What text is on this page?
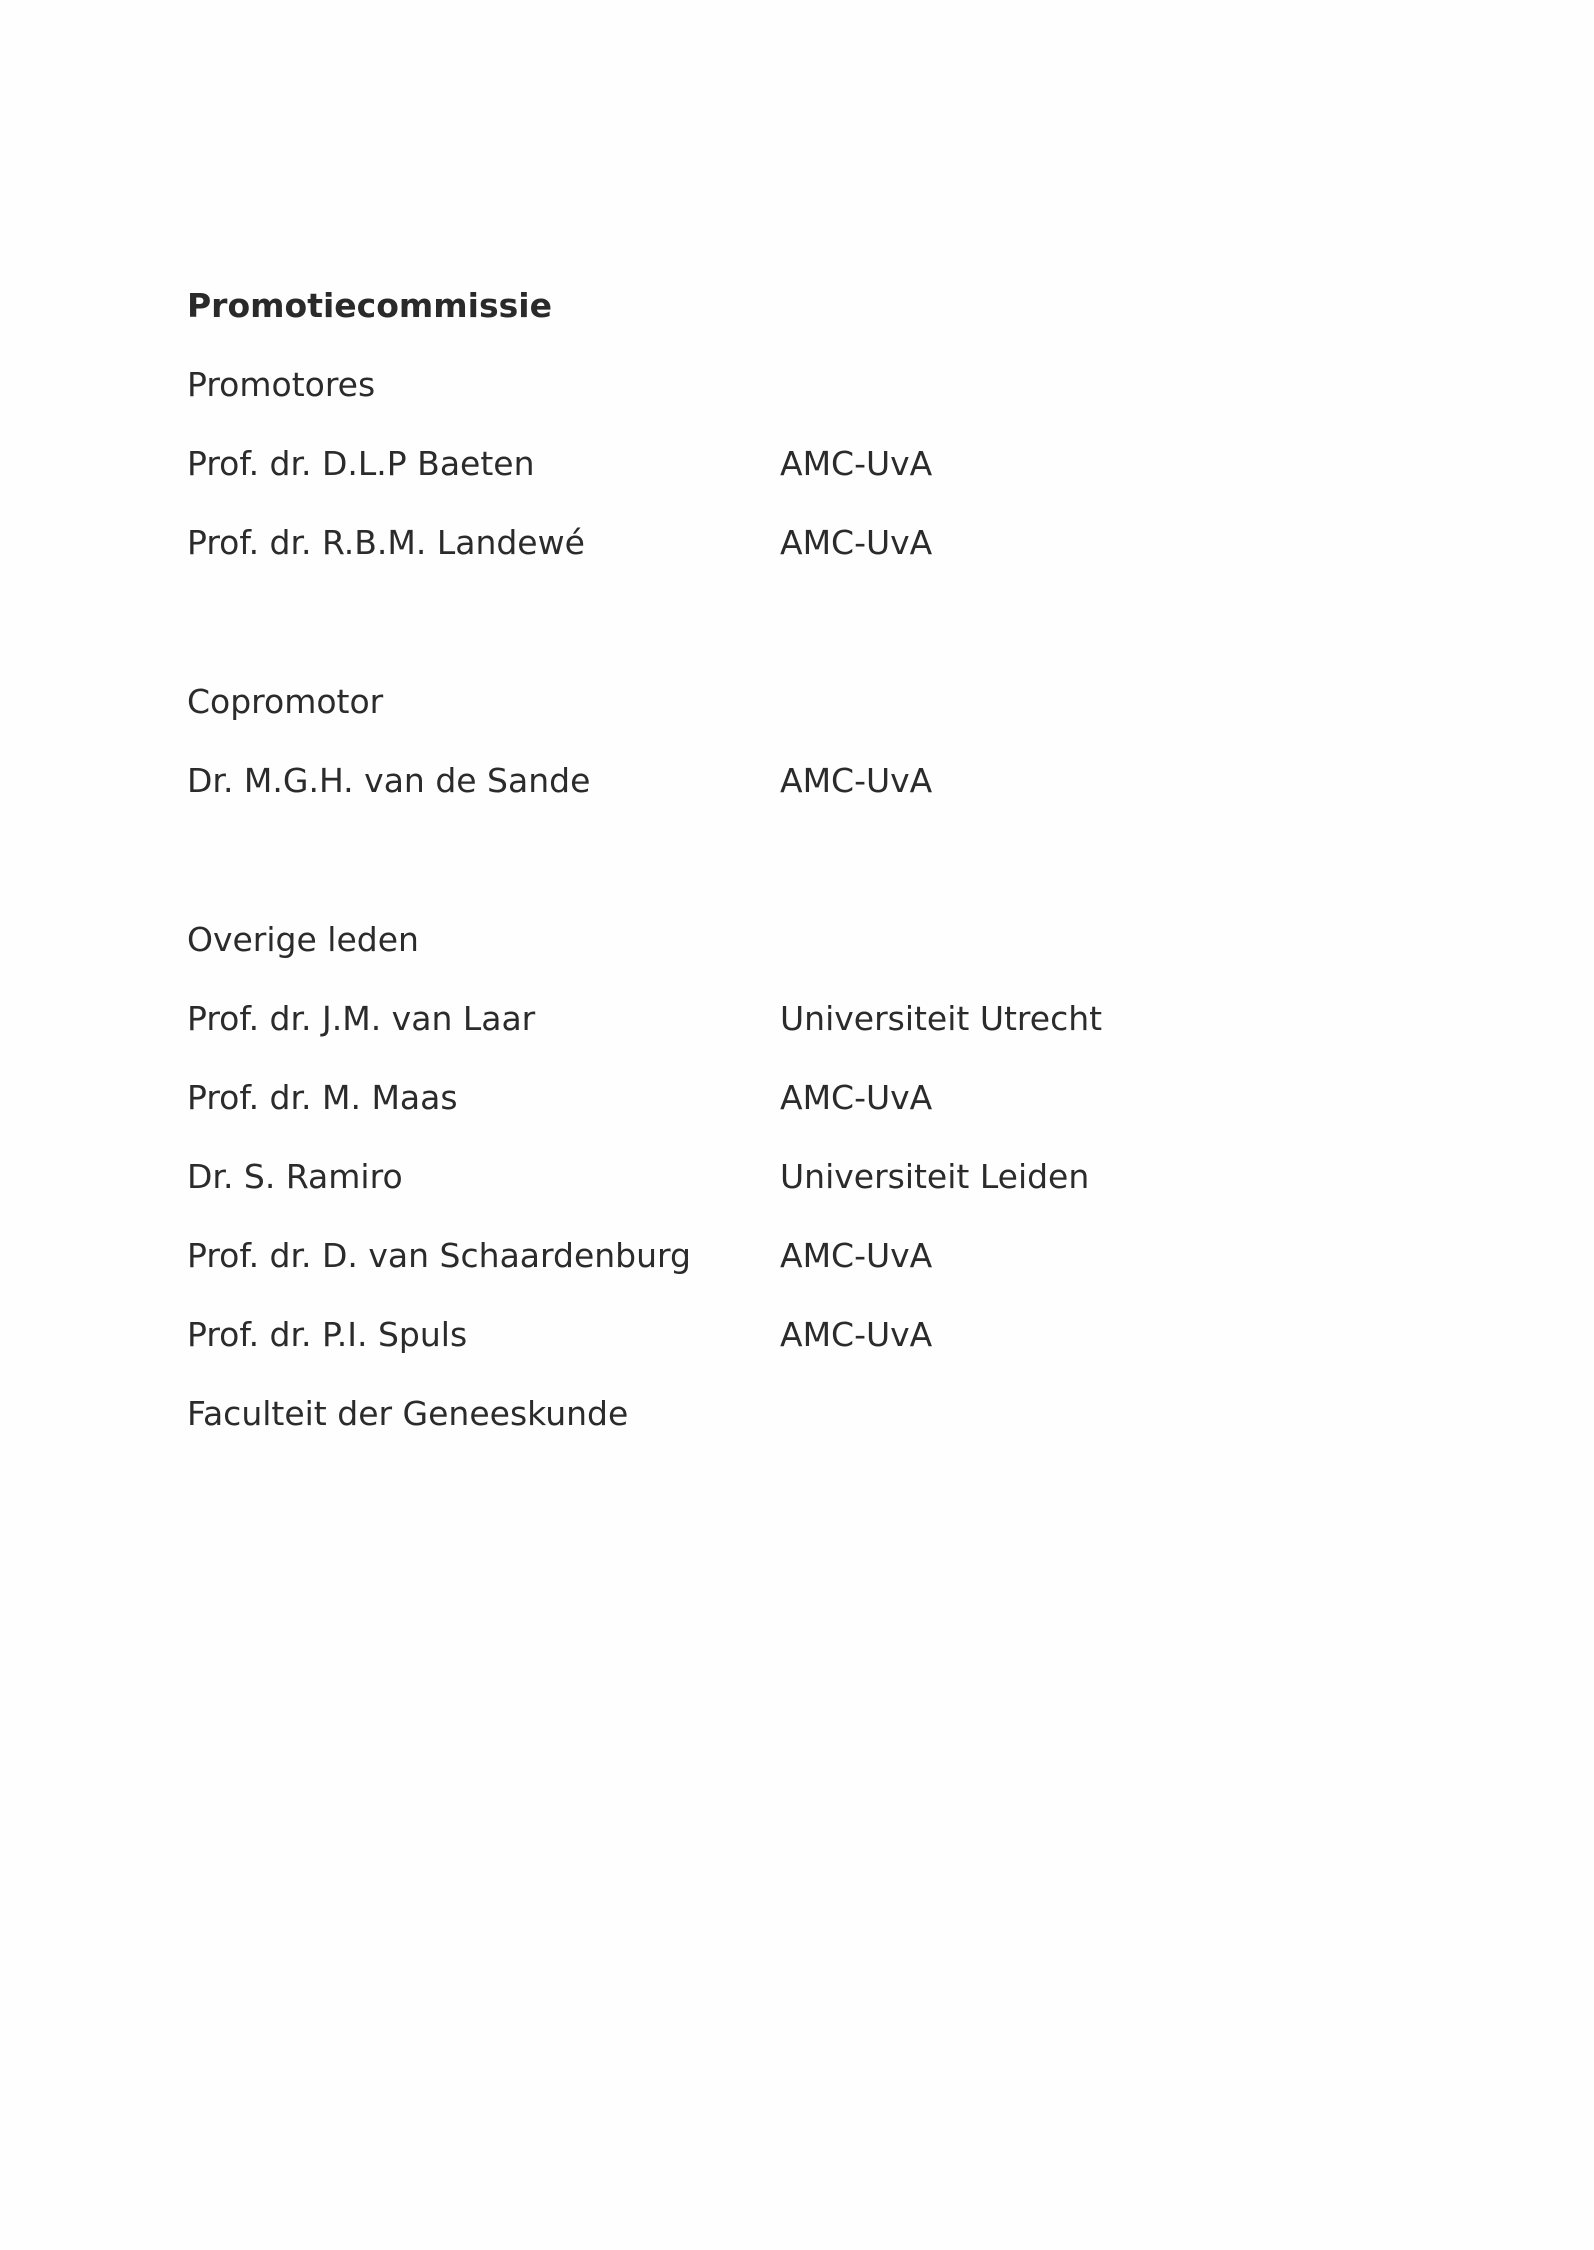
Promotiecommissie
Promotores
Prof. dr. D.L.P Baeten	AMC-UvA
Prof. dr. R.B.M. Landewé	AMC-UvA
Copromotor
Dr. M.G.H. van de Sande	AMC-UvA
Overige leden
Prof. dr. J.M. van Laar	Universiteit Utrecht
Prof. dr. M. Maas	AMC-UvA
Dr. S. Ramiro	Universiteit Leiden
Prof. dr. D. van Schaardenburg	AMC-UvA
Prof. dr. P.I. Spuls	AMC-UvA
Faculteit der Geneeskunde
